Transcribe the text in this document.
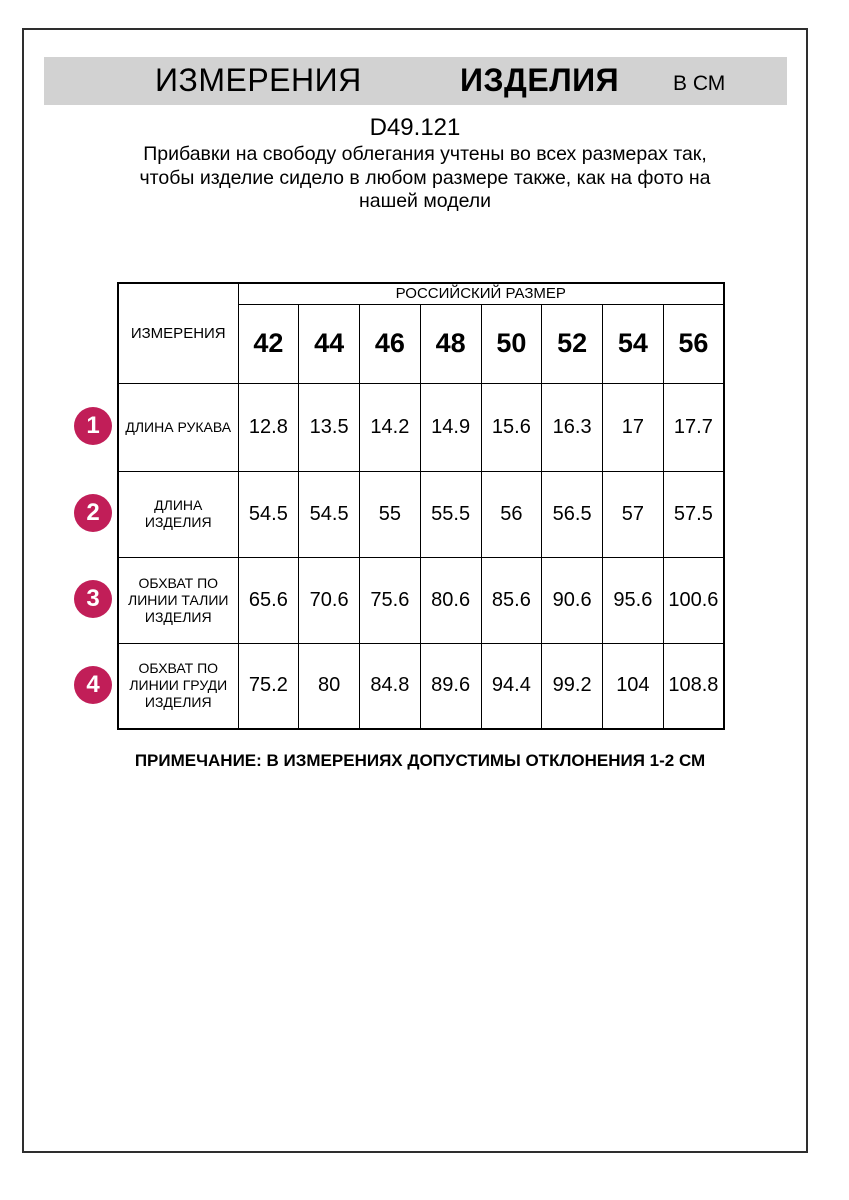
ИЗМЕРЕНИЯ	ИЗДЕЛИЯ	В СМ
D49.121
Прибавки на свободу облегания учтены во всех размерах так, чтобы изделие сидело в любом размере также, как на фото на нашей модели
ИЗМЕРЕНИЯ	РОССИЙСКИЙ РАЗМЕР							
	42	44	46	48	50	52	54	56
ДЛИНА РУКАВА	12.8	13.5	14.2	14.9	15.6	16.3	17	17.7
ДЛИНА ИЗДЕЛИЯ	54.5	54.5	55	55.5	56	56.5	57	57.5
ОБХВАТ ПО ЛИНИИ ТАЛИИ ИЗДЕЛИЯ	65.6	70.6	75.6	80.6	85.6	90.6	95.6	100.6
ОБХВАТ ПО ЛИНИИ ГРУДИ ИЗДЕЛИЯ	75.2	80	84.8	89.6	94.4	99.2	104	108.8
1
2
3
4
ПРИМЕЧАНИЕ: В ИЗМЕРЕНИЯХ ДОПУСТИМЫ ОТКЛОНЕНИЯ 1-2 СМ
